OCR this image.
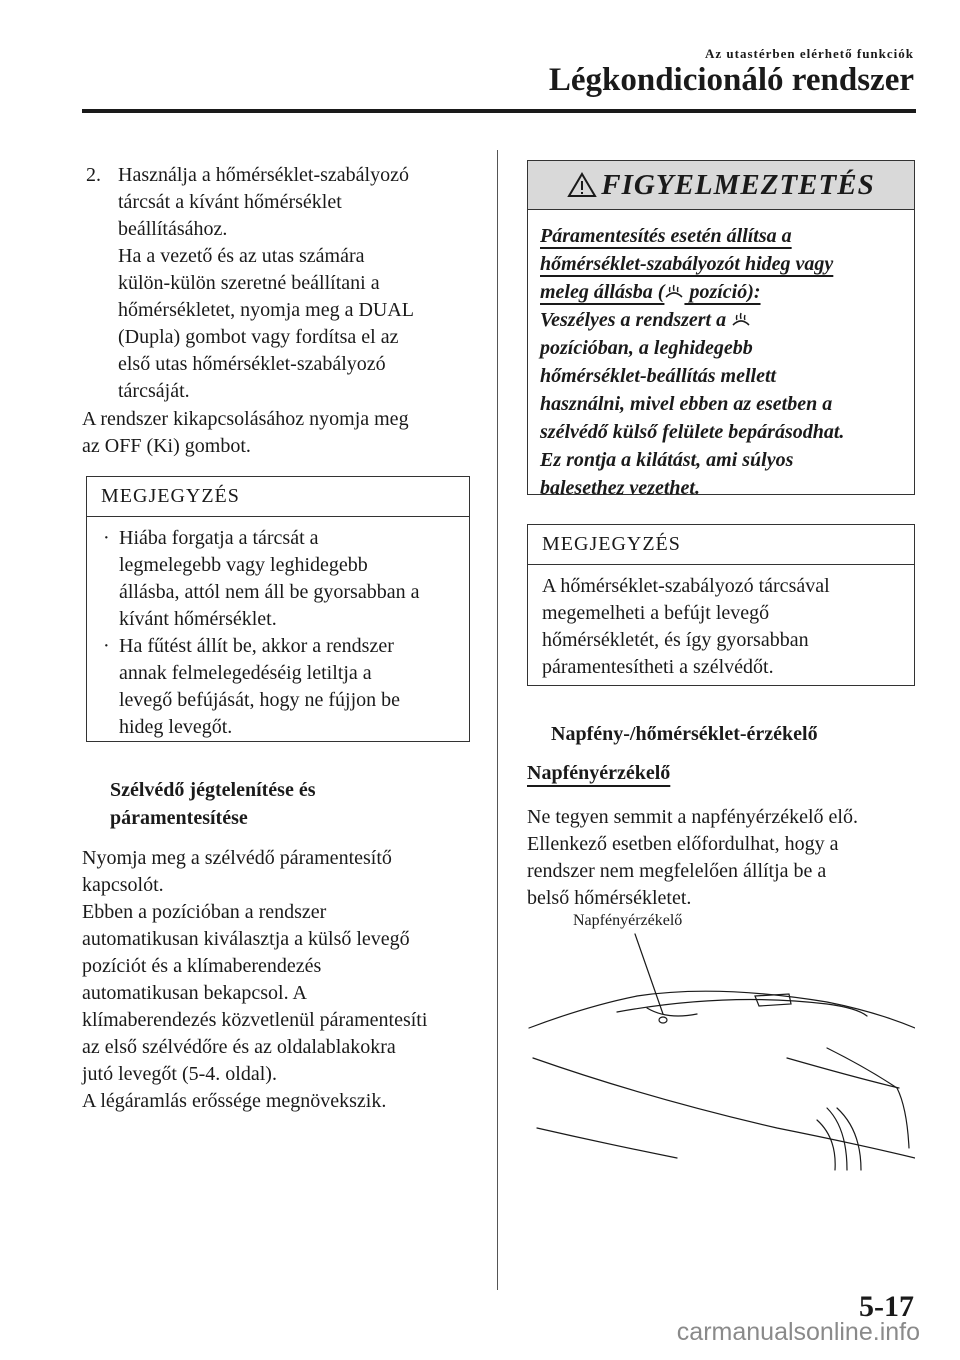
Az utastérben elérhető funkciók
Légkondicionáló rendszer
2. Használja a hőmérséklet-szabályozó
tárcsát a kívánt hőmérséklet
beállításához.
Ha a vezető és az utas számára
külön-külön szeretné beállítani a
hőmérsékletet, nyomja meg a DUAL
(Dupla) gombot vagy fordítsa el az
első utas hőmérséklet-szabályozó
tárcsáját.
A rendszer kikapcsolásához nyomja meg
az OFF (Ki) gombot.
MEGJEGYZÉS
· Hiába forgatja a tárcsát a
legmelegebb vagy leghidegebb
állásba, attól nem áll be gyorsabban a
kívánt hőmérséklet.
· Ha fűtést állít be, akkor a rendszer
annak felmelegedéséig letiltja a
levegő befújását, hogy ne fújjon be
hideg levegőt.
Szélvédő jégtelenítése és
páramentesítése
Nyomja meg a szélvédő páramentesítő
kapcsolót.
Ebben a pozícióban a rendszer
automatikusan kiválasztja a külső levegő
pozíciót és a klímaberendezés
automatikusan bekapcsol. A
klímaberendezés közvetlenül páramentesíti
az első szélvédőre és az oldalablakokra
jutó levegőt (5-4. oldal).
A légáramlás erőssége megnövekszik.
FIGYELMEZTETÉS
Páramentesítés esetén állítsa a
hőmérséklet-szabályozót hideg vagy
meleg állásba ( pozíció):
Veszélyes a rendszert a
pozícióban, a leghidegebb
hőmérséklet-beállítás mellett
használni, mivel ebben az esetben a
szélvédő külső felülete bepárásodhat.
Ez rontja a kilátást, ami súlyos
balesethez vezethet.
MEGJEGYZÉS
A hőmérséklet-szabályozó tárcsával
megemelheti a befújt levegő
hőmérsékletét, és így gyorsabban
páramentesítheti a szélvédőt.
Napfény-/hőmérséklet-érzékelő
Napfényérzékelő
Ne tegyen semmit a napfényérzékelő elő.
Ellenkező esetben előfordulhat, hogy a
rendszer nem megfelelően állítja be a
belső hőmérsékletet.
Napfényérzékelő
5-17
carmanualsonline.info
